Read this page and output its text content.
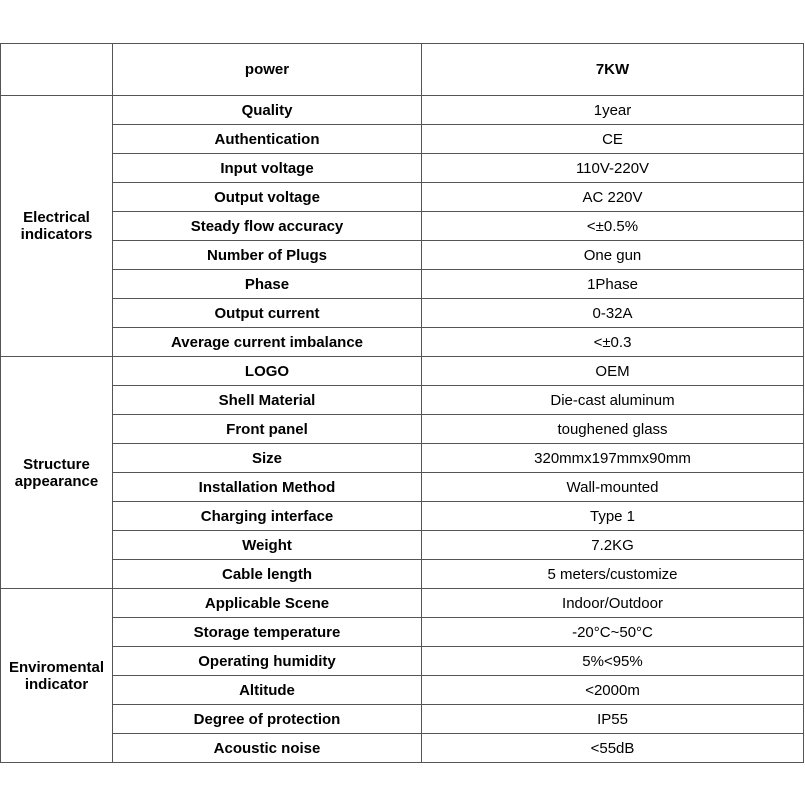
	power	7KW
Electrical indicators	Quality	1year
	Authentication	CE
	Input voltage	110V-220V
	Output voltage	AC 220V
	Steady flow accuracy	<±0.5%
	Number of Plugs	One gun
	Phase	1Phase
	Output current	0-32A
	Average current imbalance	<±0.3
Structure appearance	LOGO	OEM
	Shell Material	Die-cast aluminum
	Front panel	toughened glass
	Size	320mmx197mmx90mm
	Installation Method	Wall-mounted
	Charging interface	Type 1
	Weight	7.2KG
	Cable length	5 meters/customize
Enviromental indicator	Applicable Scene	Indoor/Outdoor
	Storage temperature	-20°C~50°C
	Operating humidity	5%<95%
	Altitude	<2000m
	Degree of protection	IP55
	Acoustic noise	<55dB
